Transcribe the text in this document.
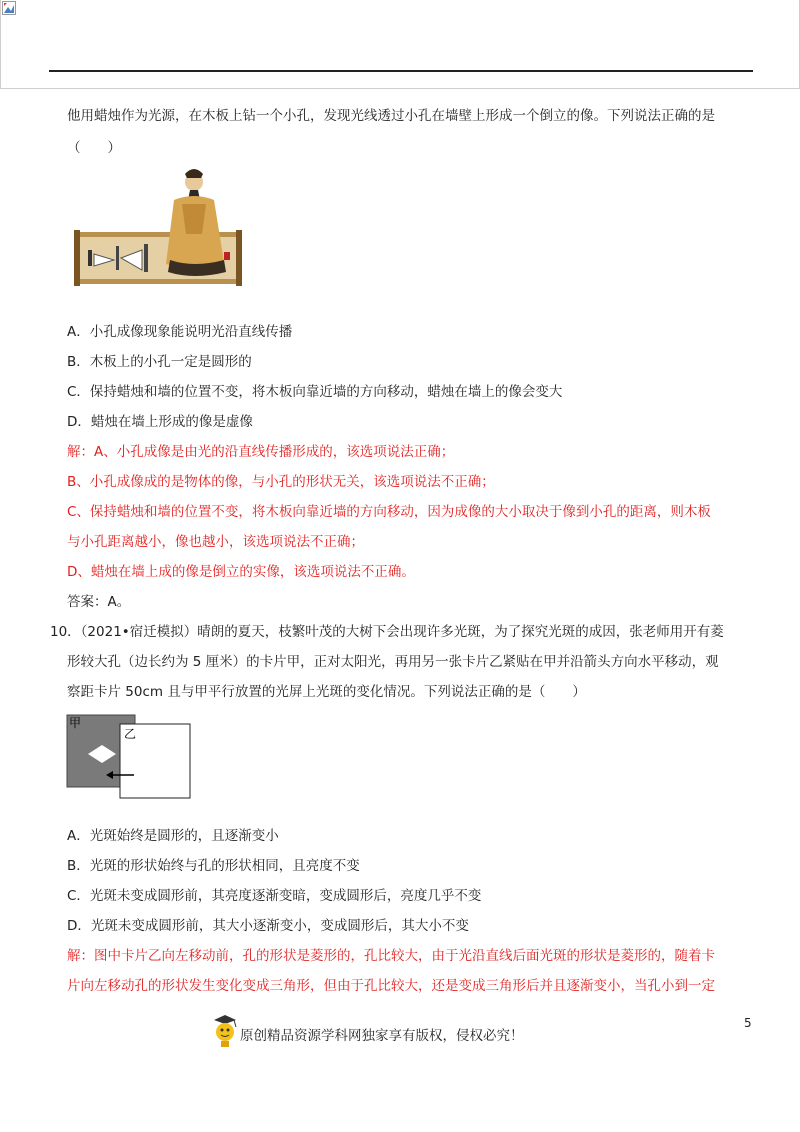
他用蜡烛作为光源，在木板上钻一个小孔，发现光线透过小孔在墙壁上形成一个倒立的像。下列说法正确的是
（　　）
A．小孔成像现象能说明光沿直线传播
B．木板上的小孔一定是圆形的
C．保持蜡烛和墙的位置不变，将木板向靠近墙的方向移动，蜡烛在墙上的像会变大
D．蜡烛在墙上形成的像是虚像
解：A、小孔成像是由光的沿直线传播形成的，该选项说法正确；
B、小孔成像成的是物体的像，与小孔的形状无关，该选项说法不正确；
C、保持蜡烛和墙的位置不变，将木板向靠近墙的方向移动，因为成像的大小取决于像到小孔的距离，则木板
与小孔距离越小，像也越小，该选项说法不正确；
D、蜡烛在墙上成的像是倒立的实像，该选项说法不正确。
答案：A。
10．（2021•宿迁模拟）晴朗的夏天，枝繁叶茂的大树下会出现许多光斑，为了探究光斑的成因，张老师用开有菱
形较大孔（边长约为 5 厘米）的卡片甲，正对太阳光，再用另一张卡片乙紧贴在甲并沿箭头方向水平移动，观
察距卡片 50cm 且与甲平行放置的光屏上光斑的变化情况。下列说法正确的是（　　）
甲
乙
A．光斑始终是圆形的，且逐渐变小
B．光斑的形状始终与孔的形状相同，且亮度不变
C．光斑未变成圆形前，其亮度逐渐变暗，变成圆形后，亮度几乎不变
D．光斑未变成圆形前，其大小逐渐变小，变成圆形后，其大小不变
解：图中卡片乙向左移动前，孔的形状是菱形的，孔比较大，由于光沿直线后面光斑的形状是菱形的，随着卡
片向左移动孔的形状发生变化变成三角形，但由于孔比较大，还是变成三角形后并且逐渐变小，当孔小到一定
原创精品资源学科网独家享有版权，侵权必究！
5
